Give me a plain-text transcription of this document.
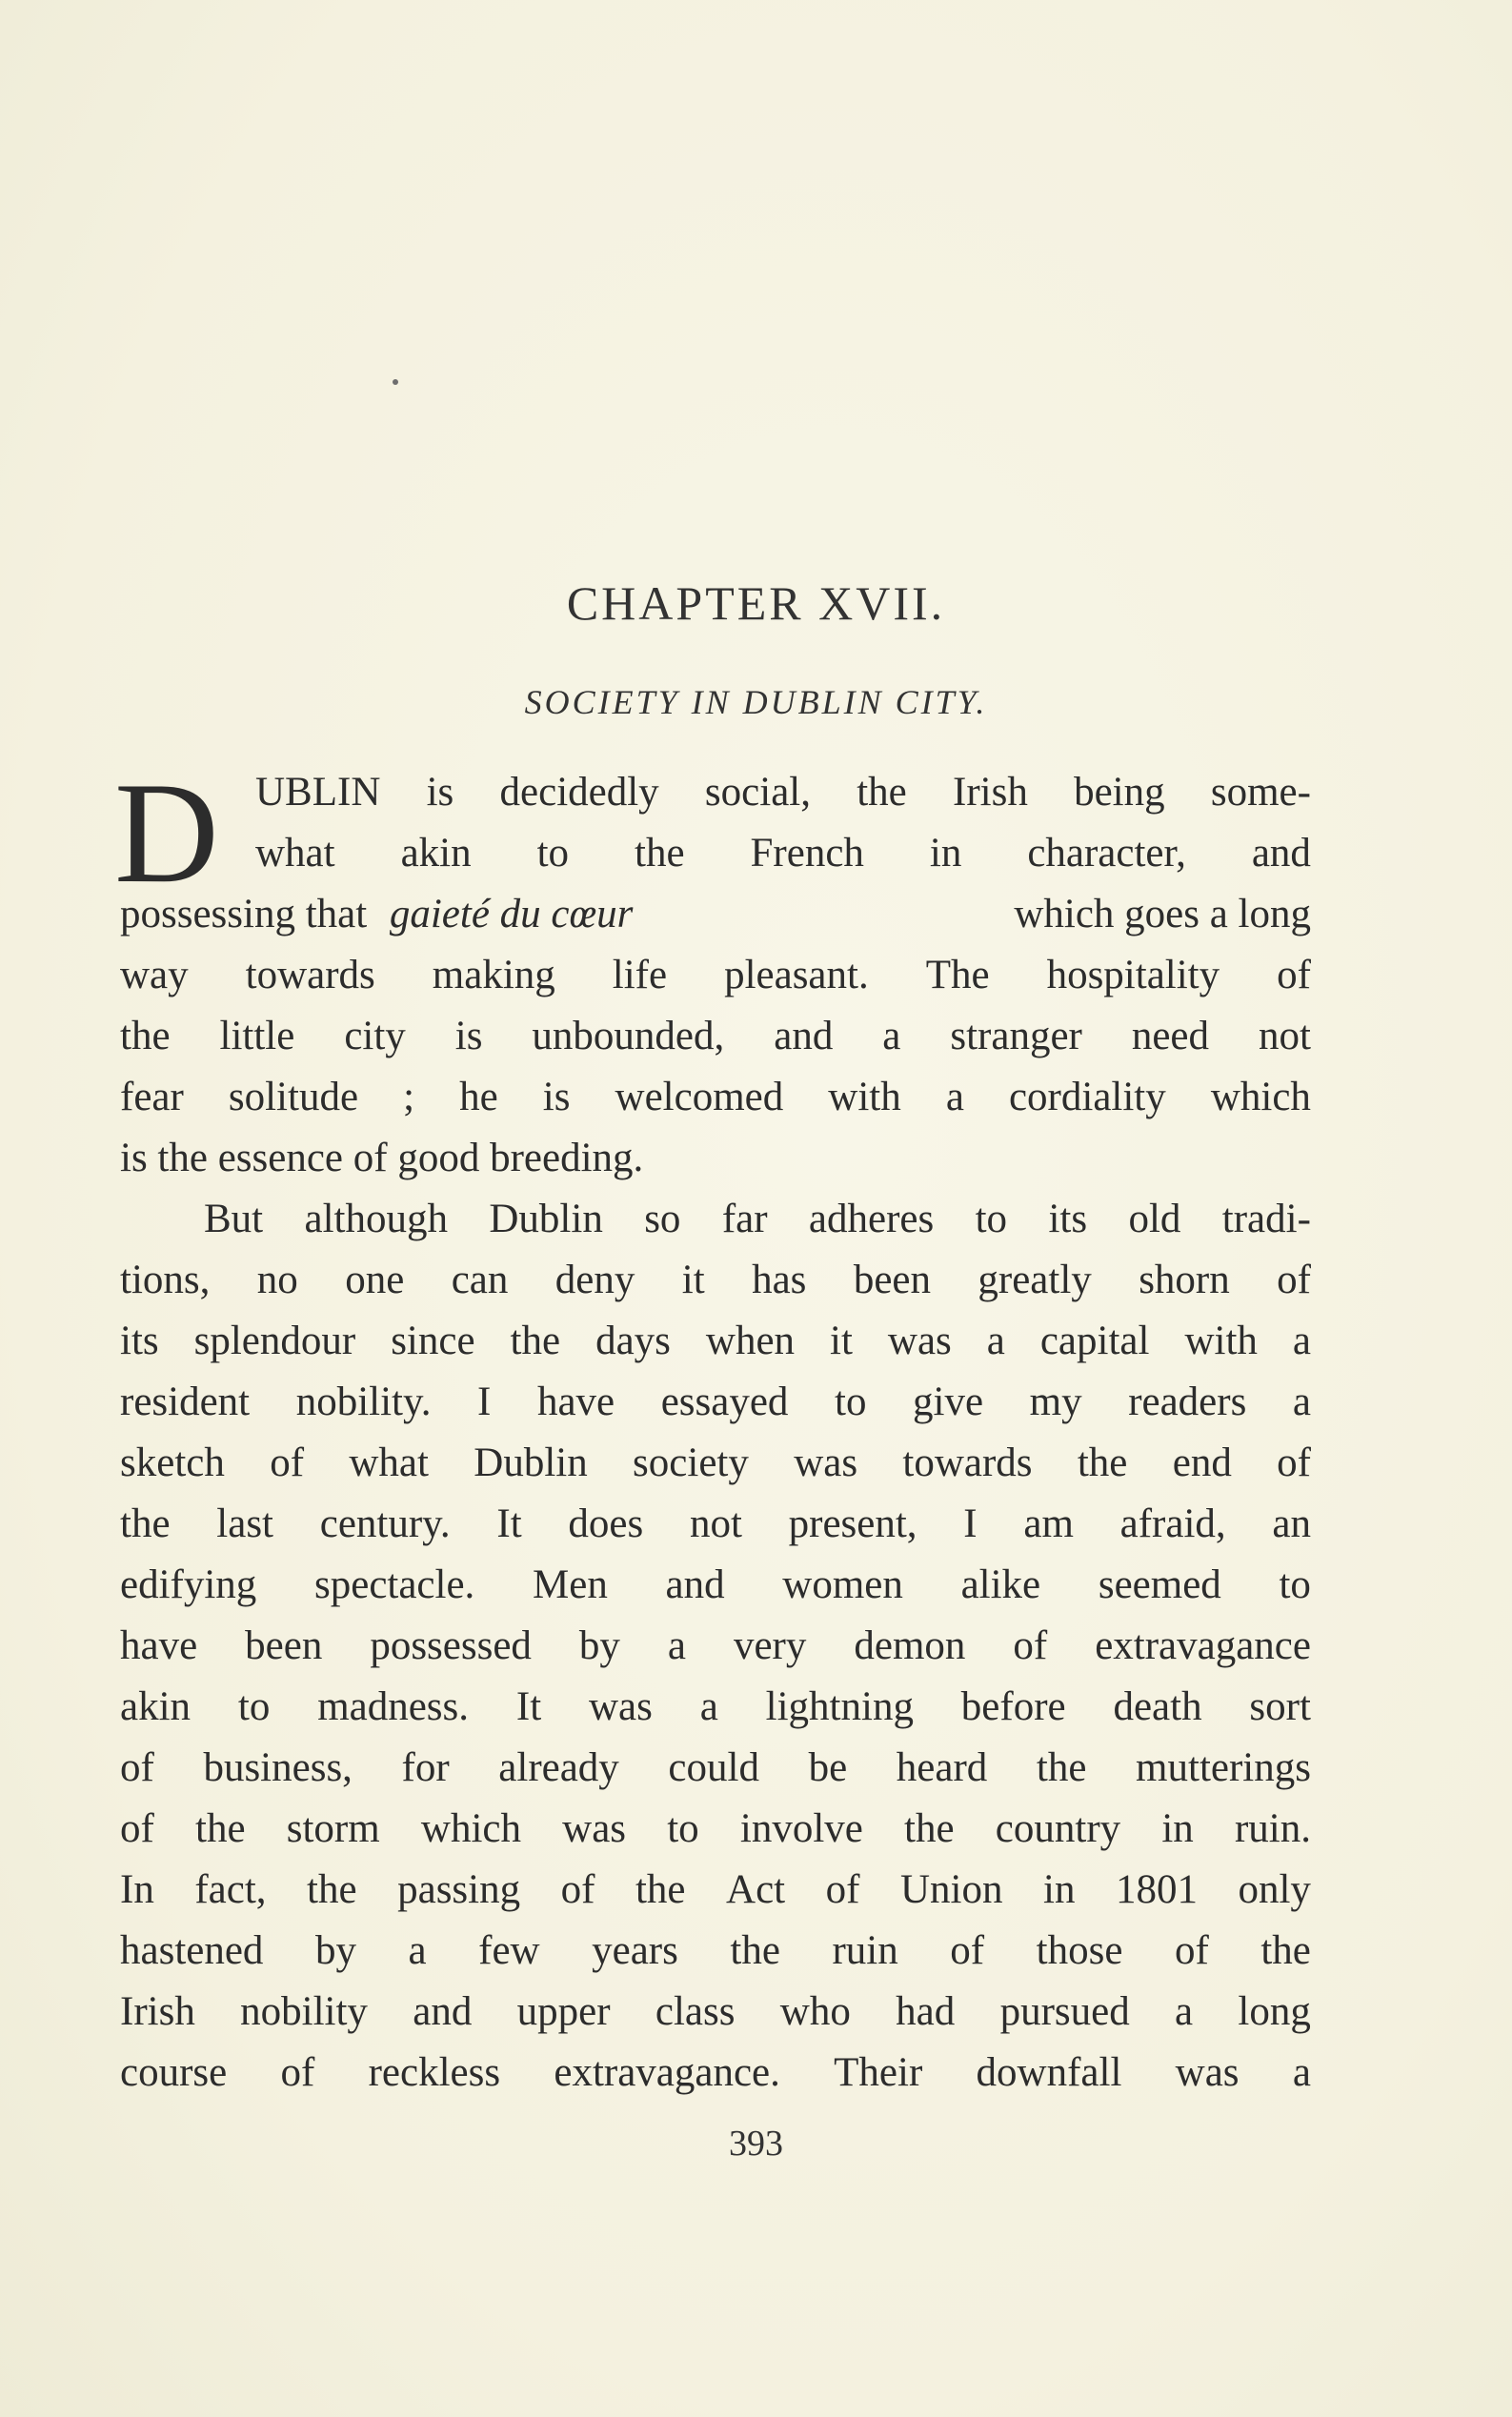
CHAPTER XVII.
SOCIETY IN DUBLIN CITY.
D UBLIN is decidedly social, the Irish being some-
what akin to the French in character, and
possessing that gaieté du cœur	which goes a long
way towards making life pleasant. The hospitality of
the little city is unbounded, and a stranger need not
fear solitude ; he is welcomed with a cordiality which
is the essence of good breeding.
But although Dublin so far adheres to its old tradi-
tions, no one can deny it has been greatly shorn of
its splendour since the days when it was a capital with a
resident nobility. I have essayed to give my readers a
sketch of what Dublin society was towards the end of
the last century. It does not present, I am afraid, an
edifying spectacle. Men and women alike seemed to
have been possessed by a very demon of extravagance
akin to madness. It was a lightning before death sort
of business, for already could be heard the mutterings
of the storm which was to involve the country in ruin.
In fact, the passing of the Act of Union in 1801 only
hastened by a few years the ruin of those of the
Irish nobility and upper class who had pursued a long
course of reckless extravagance. Their downfall was a
393
